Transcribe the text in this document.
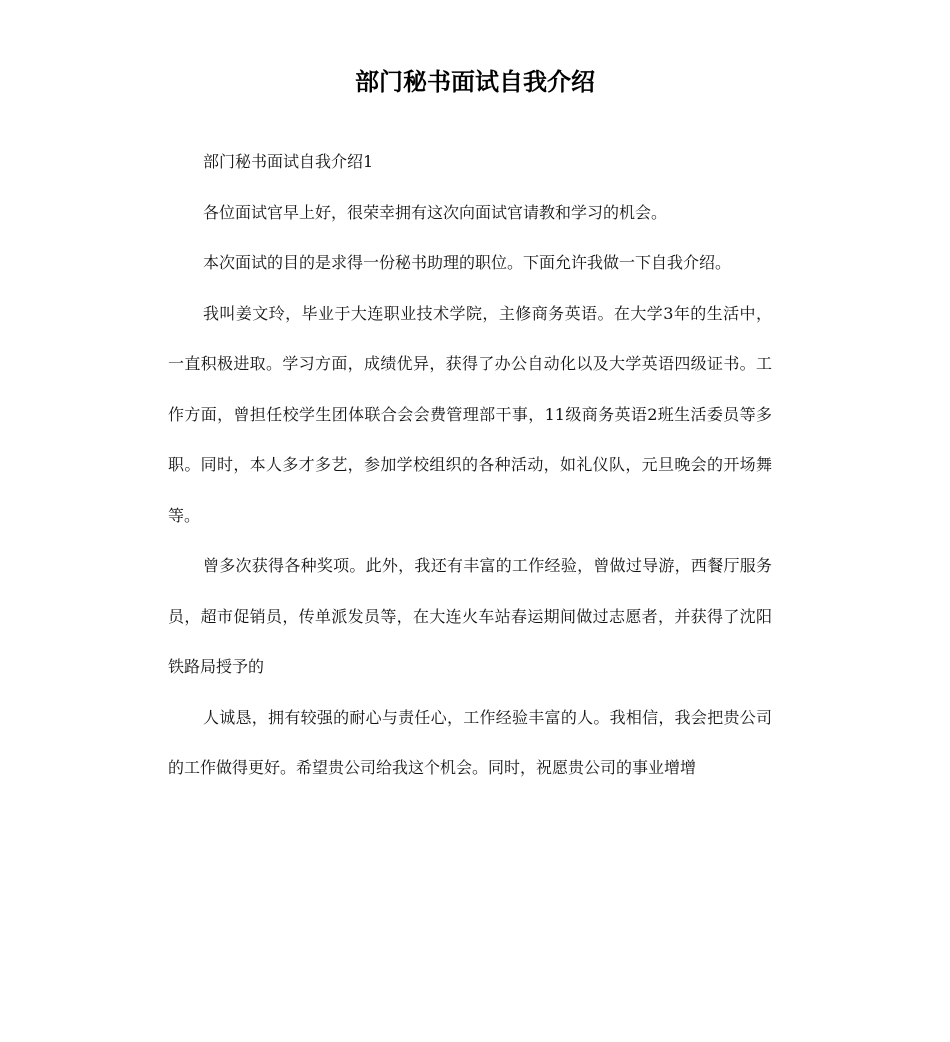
部门秘书面试自我介绍

部门秘书面试自我介绍1

各位面试官早上好，很荣幸拥有这次向面试官请教和学习的机会。

本次面试的目的是求得一份秘书助理的职位。下面允许我做一下自我介绍。

我叫姜文玲，毕业于大连职业技术学院，主修商务英语。在大学3年的生活中，一直积极进取。学习方面，成绩优异，获得了办公自动化以及大学英语四级证书。工作方面，曾担任校学生团体联合会会费管理部干事，11级商务英语2班生活委员等多职。同时，本人多才多艺，参加学校组织的各种活动，如礼仪队，元旦晚会的开场舞等。

曾多次获得各种奖项。此外，我还有丰富的工作经验，曾做过导游，西餐厅服务员，超市促销员，传单派发员等，在大连火车站春运期间做过志愿者，并获得了沈阳铁路局授予的

人诚恳，拥有较强的耐心与责任心，工作经验丰富的人。我相信，我会把贵公司的工作做得更好。希望贵公司给我这个机会。同时，祝愿贵公司的事业增增
